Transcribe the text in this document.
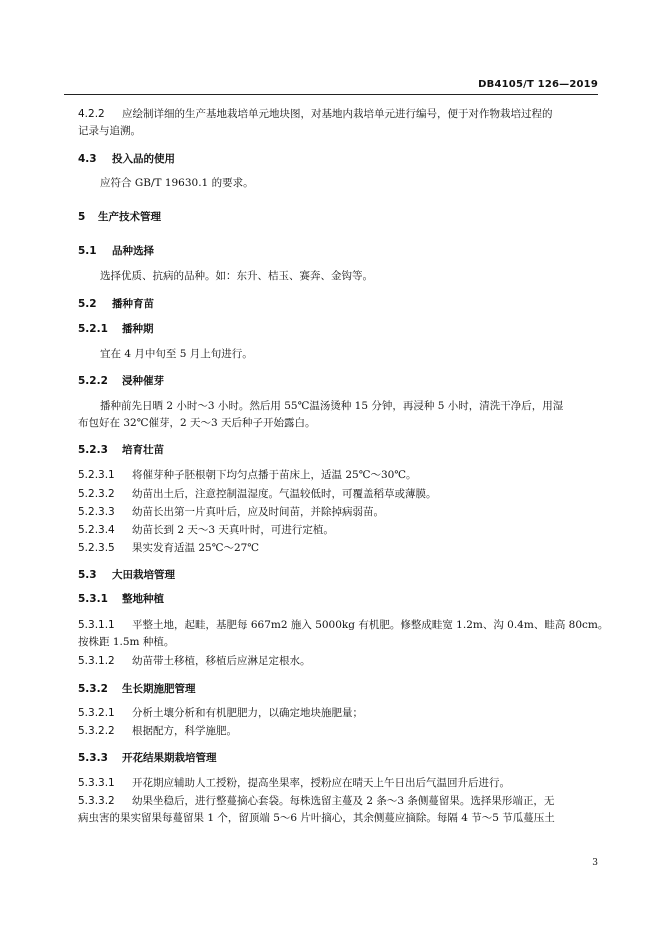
DB4105/T 126—2019
4.2.2 应绘制详细的生产基地栽培单元地块图，对基地内栽培单元进行编号，便于对作物栽培过程的
记录与追溯。
4.3 投入品的使用
应符合 GB/T 19630.1 的要求。
5 生产技术管理
5.1 品种选择
选择优质、抗病的品种。如：东升、桔玉、赛奔、金钩等。
5.2 播种育苗
5.2.1 播种期
宜在 4 月中旬至 5 月上旬进行。
5.2.2 浸种催芽
播种前先日晒 2 小时～3 小时。然后用 55℃温汤烫种 15 分钟，再浸种 5 小时，清洗干净后，用湿
布包好在 32℃催芽，2 天～3 天后种子开始露白。
5.2.3 培育壮苗
5.2.3.1 将催芽种子胚根朝下均匀点播于苗床上，适温 25℃～30℃。
5.2.3.2 幼苗出土后，注意控制温湿度。气温较低时，可覆盖稻草或薄膜。
5.2.3.3 幼苗长出第一片真叶后，应及时间苗，并除掉病弱苗。
5.2.3.4 幼苗长到 2 天～3 天真叶时，可进行定植。
5.2.3.5 果实发育适温 25℃～27℃
5.3 大田栽培管理
5.3.1 整地种植
5.3.1.1 平整土地，起畦，基肥每 667m2 施入 5000kg 有机肥。修整成畦宽 1.2m、沟 0.4m、畦高 80cm。
按株距 1.5m 种植。
5.3.1.2 幼苗带土移植，移植后应淋足定根水。
5.3.2 生长期施肥管理
5.3.2.1 分析土壤分析和有机肥肥力，以确定地块施肥量；
5.3.2.2 根据配方，科学施肥。
5.3.3 开花结果期栽培管理
5.3.3.1 开花期应辅助人工授粉，提高坐果率，授粉应在晴天上午日出后气温回升后进行。
5.3.3.2 幼果坐稳后，进行整蔓摘心套袋。每株选留主蔓及 2 条～3 条侧蔓留果。选择果形端正，无
病虫害的果实留果每蔓留果 1 个，留顶端 5～6 片叶摘心，其余侧蔓应摘除。每隔 4 节～5 节瓜蔓压土
3
